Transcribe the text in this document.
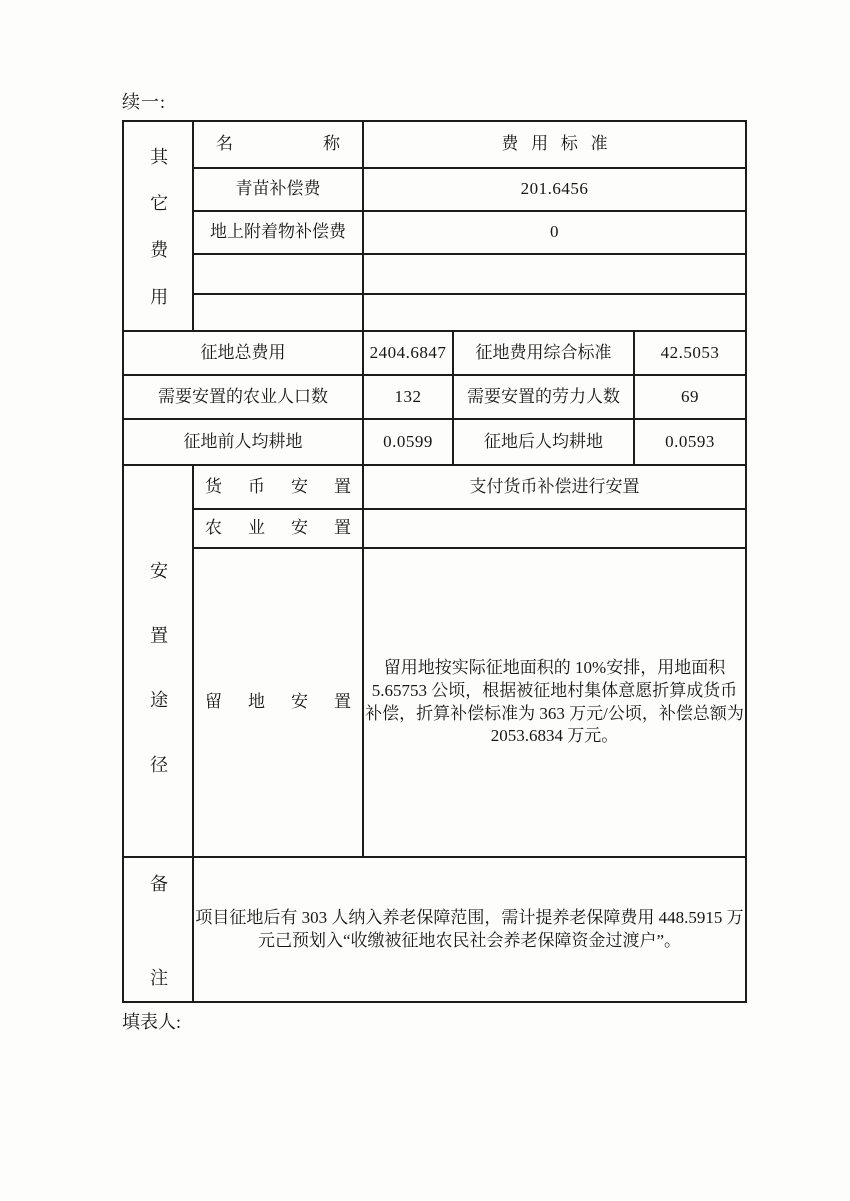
续一:
其它费用	名称	费用标准		
	青苗补偿费	201.6456		
	地上附着物补偿费	0		

征地总费用		2404.6847	征地费用综合标准	42.5053
需要安置的农业人口数		132	需要安置的劳力人数	69
征地前人均耕地		0.0599	征地后人均耕地	0.0593

安置途径	货币安置	支付货币补偿进行安置		
	农业安置			
	留地安置	留用地按实际征地面积的 10%安排，用地面积 5.65753 公顷，根据被征地村集体意愿折算成货币补偿，折算补偿标准为 363 万元/公顷，补偿总额为 2053.6834 万元。		

备注	项目征地后有 303 人纳入养老保障范围，需计提养老保障费用 448.5915 万元己预划入“收缴被征地农民社会养老保障资金过渡户”。			
填表人:
